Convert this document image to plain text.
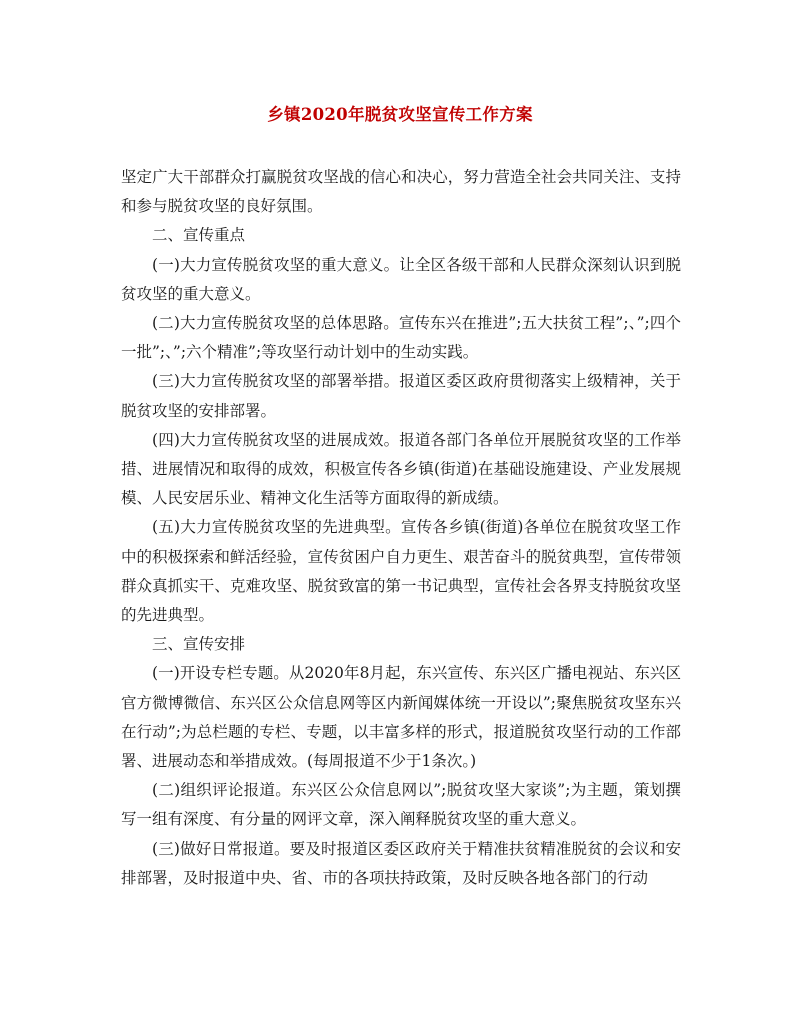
乡镇2020年脱贫攻坚宣传工作方案

坚定广大干部群众打赢脱贫攻坚战的信心和决心，努力营造全社会共同关注、支持和参与脱贫攻坚的良好氛围。

二、宣传重点

(一)大力宣传脱贫攻坚的重大意义。让全区各级干部和人民群众深刻认识到脱贫攻坚的重大意义。

(二)大力宣传脱贫攻坚的总体思路。宣传东兴在推进”;五大扶贫工程”;、”;四个一批”;、”;六个精准”;等攻坚行动计划中的生动实践。

(三)大力宣传脱贫攻坚的部署举措。报道区委区政府贯彻落实上级精神，关于脱贫攻坚的安排部署。

(四)大力宣传脱贫攻坚的进展成效。报道各部门各单位开展脱贫攻坚的工作举措、进展情况和取得的成效，积极宣传各乡镇(街道)在基础设施建设、产业发展规模、人民安居乐业、精神文化生活等方面取得的新成绩。

(五)大力宣传脱贫攻坚的先进典型。宣传各乡镇(街道)各单位在脱贫攻坚工作中的积极探索和鲜活经验，宣传贫困户自力更生、艰苦奋斗的脱贫典型，宣传带领群众真抓实干、克难攻坚、脱贫致富的第一书记典型，宣传社会各界支持脱贫攻坚的先进典型。

三、宣传安排

(一)开设专栏专题。从2020年8月起，东兴宣传、东兴区广播电视站、东兴区官方微博微信、东兴区公众信息网等区内新闻媒体统一开设以”;聚焦脱贫攻坚东兴在行动”;为总栏题的专栏、专题，以丰富多样的形式，报道脱贫攻坚行动的工作部署、进展动态和举措成效。(每周报道不少于1条次。)

(二)组织评论报道。东兴区公众信息网以”;脱贫攻坚大家谈”;为主题，策划撰写一组有深度、有分量的网评文章，深入阐释脱贫攻坚的重大意义。

(三)做好日常报道。要及时报道区委区政府关于精准扶贫精准脱贫的会议和安排部署，及时报道中央、省、市的各项扶持政策，及时反映各地各部门的行动
